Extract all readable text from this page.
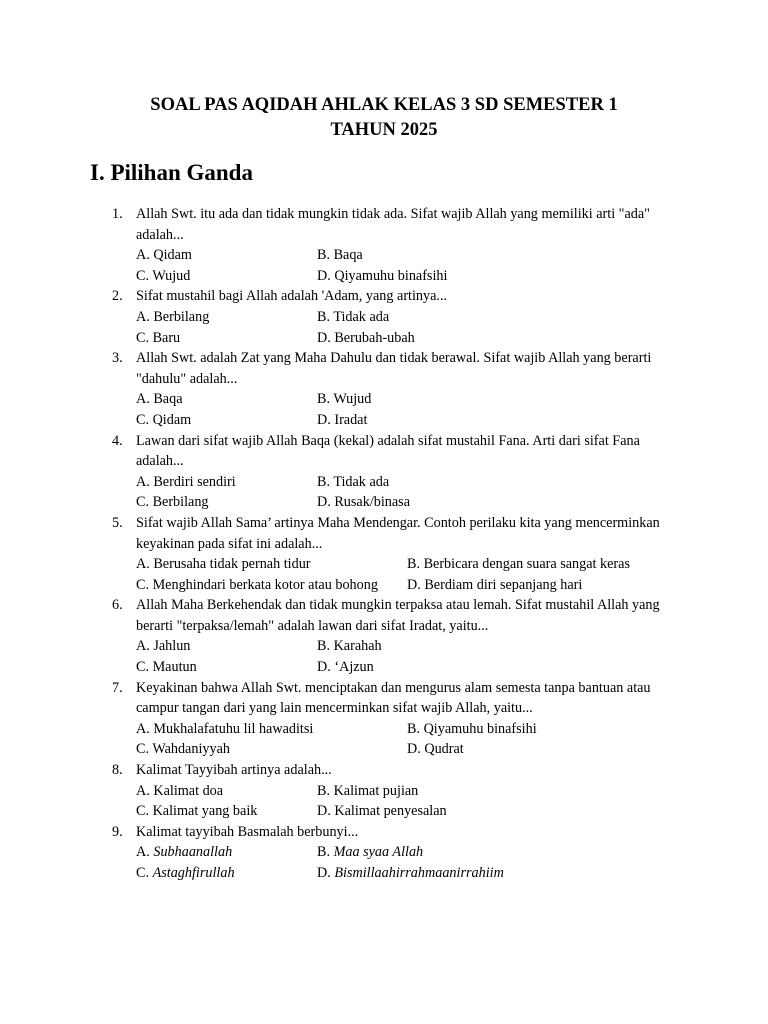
SOAL PAS AQIDAH AHLAK KELAS 3 SD SEMESTER 1
TAHUN 2025
I. Pilihan Ganda
1. Allah Swt. itu ada dan tidak mungkin tidak ada. Sifat wajib Allah yang memiliki arti "ada" adalah...
A. Qidam	B. Baqa
C. Wujud	D. Qiyamuhu binafsihi
2. Sifat mustahil bagi Allah adalah 'Adam, yang artinya...
A. Berbilang	B. Tidak ada
C. Baru	D. Berubah-ubah
3. Allah Swt. adalah Zat yang Maha Dahulu dan tidak berawal. Sifat wajib Allah yang berarti "dahulu" adalah...
A. Baqa	B. Wujud
C. Qidam	D. Iradat
4. Lawan dari sifat wajib Allah Baqa (kekal) adalah sifat mustahil Fana. Arti dari sifat Fana adalah...
A. Berdiri sendiri	B. Tidak ada
C. Berbilang	D. Rusak/binasa
5. Sifat wajib Allah Sama’ artinya Maha Mendengar. Contoh perilaku kita yang mencerminkan keyakinan pada sifat ini adalah...
A. Berusaha tidak pernah tidur	B. Berbicara dengan suara sangat keras
C. Menghindari berkata kotor atau bohong	D. Berdiam diri sepanjang hari
6. Allah Maha Berkehendak dan tidak mungkin terpaksa atau lemah. Sifat mustahil Allah yang berarti "terpaksa/lemah" adalah lawan dari sifat Iradat, yaitu...
A. Jahlun	B. Karahah
C. Mautun	D. ‘Ajzun
7. Keyakinan bahwa Allah Swt. menciptakan dan mengurus alam semesta tanpa bantuan atau campur tangan dari yang lain mencerminkan sifat wajib Allah, yaitu...
A. Mukhalafatuhu lil hawaditsi	B. Qiyamuhu binafsihi
C. Wahdaniyyah	D. Qudrat
8. Kalimat Tayyibah artinya adalah...
A. Kalimat doa	B. Kalimat pujian
C. Kalimat yang baik	D. Kalimat penyesalan
9. Kalimat tayyibah Basmalah berbunyi...
A. Subhaanallah	B. Maa syaa Allah
C. Astaghfirullah	D. Bismillaahirrahmaanirrahiim
